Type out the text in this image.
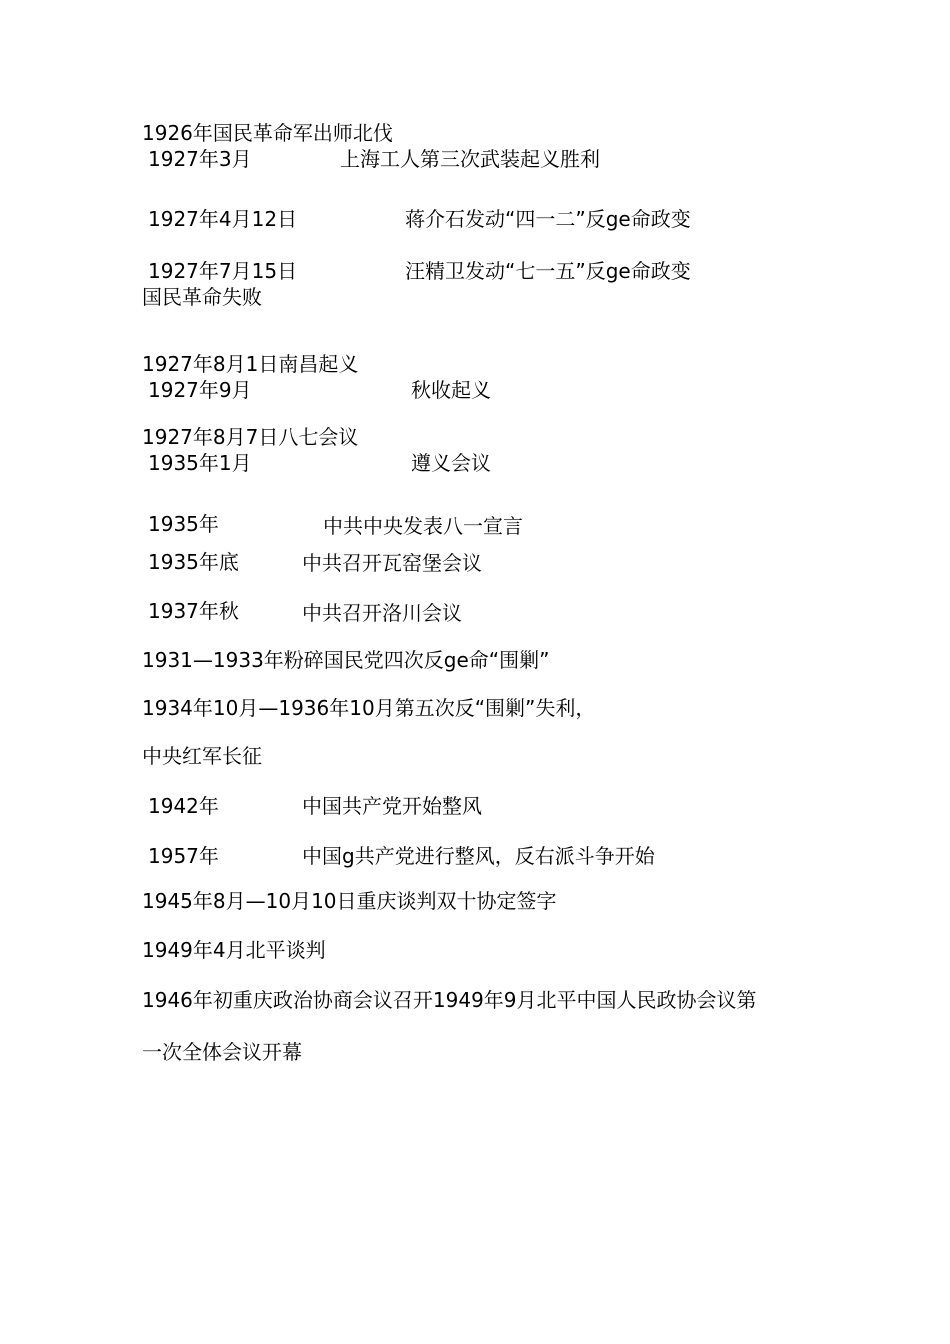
1926年国民革命军出师北伐
1927年3月	上海工人第三次武装起义胜利
1927年4月12日	蒋介石发动“四一二”反ge命政变
1927年7月15日	汪精卫发动“七一五”反ge命政变
国民革命失败
1927年8月1日南昌起义
1927年9月	秋收起义
1927年8月7日八七会议
1935年1月	遵义会议
1935年	中共中央发表八一宣言
1935年底	中共召开瓦窑堡会议
1937年秋	中共召开洛川会议
1931—1933年粉碎国民党四次反ge命“围剿”
1934年10月—1936年10月第五次反“围剿”失利，
中央红军长征
1942年	中国共产党开始整风
1957年	中国g共产党进行整风，反右派斗争开始
1945年8月—10月10日重庆谈判双十协定签字
1949年4月北平谈判
1946年初重庆政治协商会议召开1949年9月北平中国人民政协会议第
一次全体会议开幕
